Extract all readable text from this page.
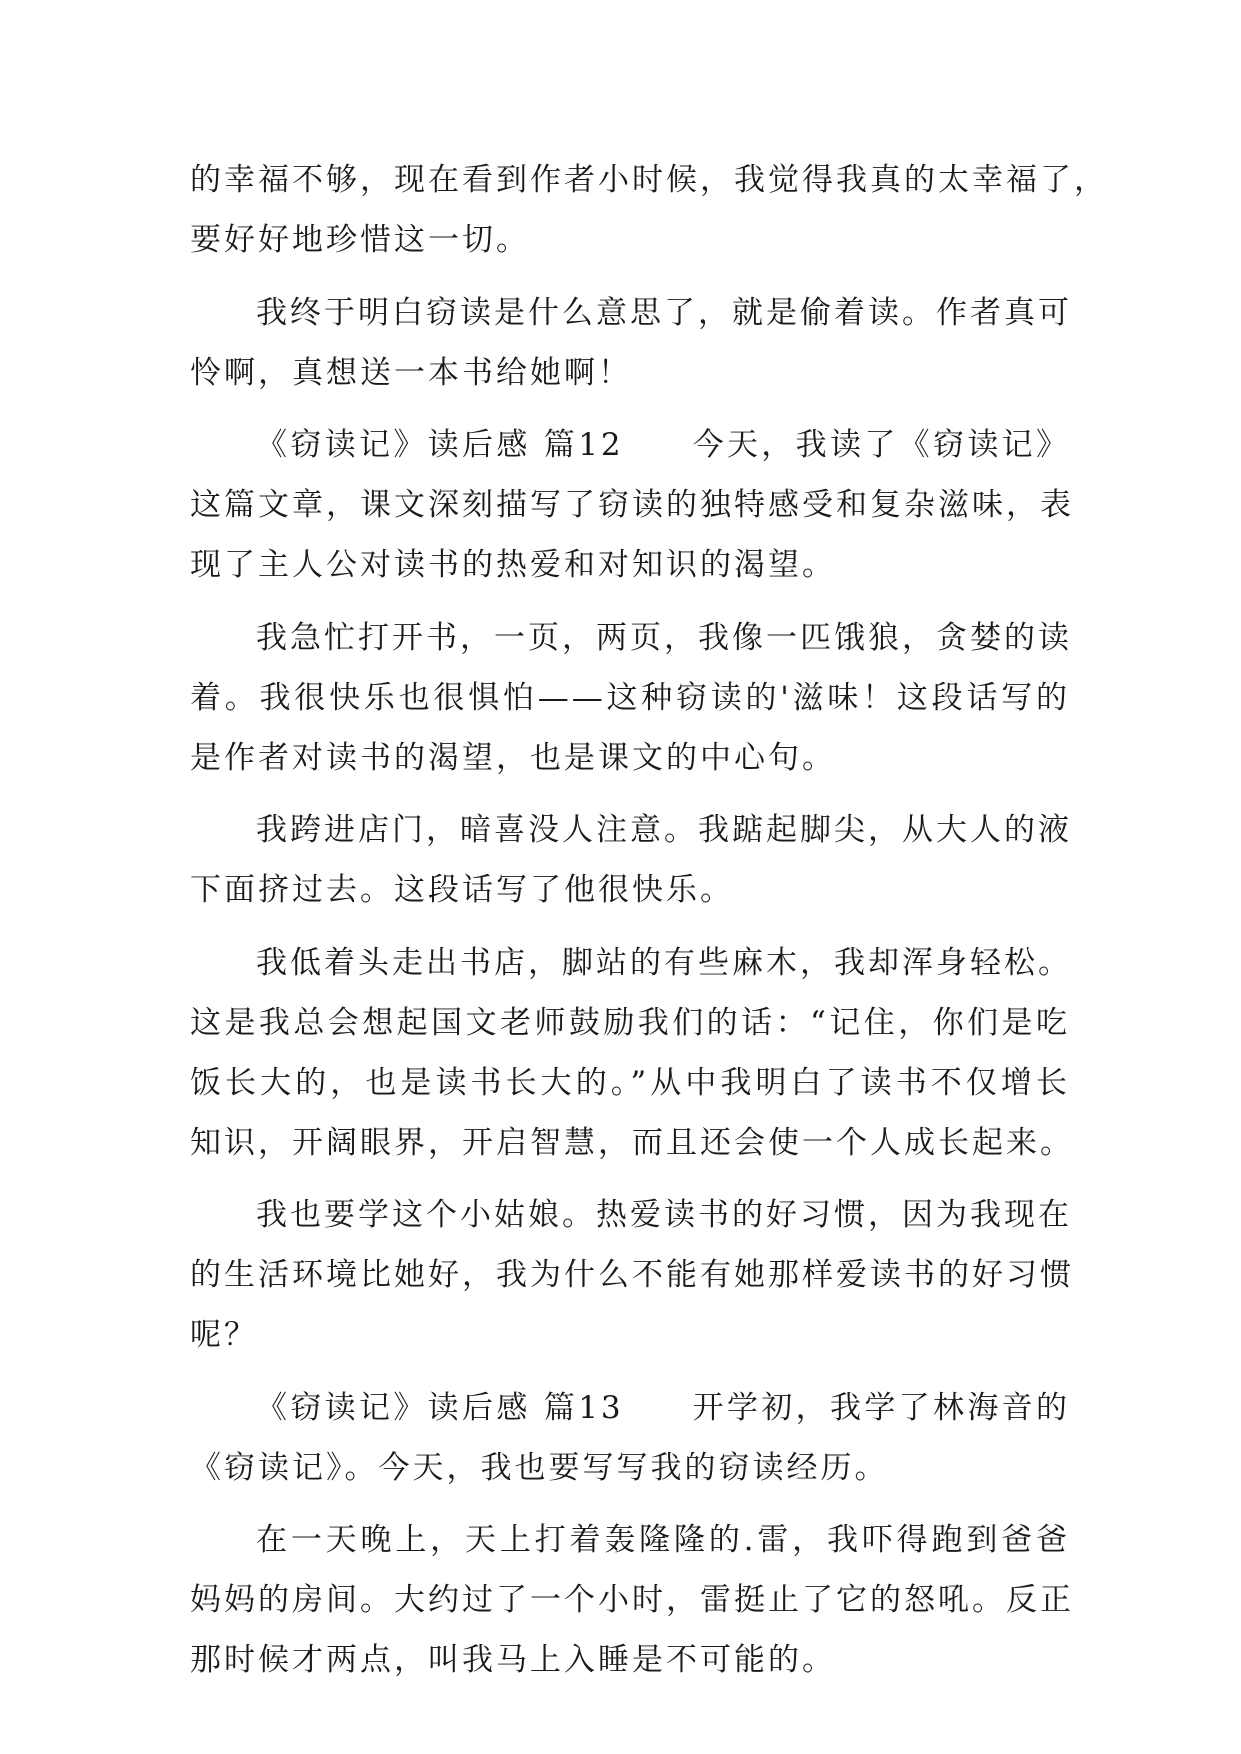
的幸福不够，现在看到作者小时候，我觉得我真的太幸福了，
要好好地珍惜这一切。
我终于明白窃读是什么意思了，就是偷着读。作者真可
怜啊，真想送一本书给她啊！
《窃读记》读后感 篇12　　今天，我读了《窃读记》
这篇文章，课文深刻描写了窃读的独特感受和复杂滋味，表
现了主人公对读书的热爱和对知识的渴望。
我急忙打开书，一页，两页，我像一匹饿狼，贪婪的读
着。我很快乐也很惧怕——这种窃读的'滋味！这段话写的
是作者对读书的渴望，也是课文的中心句。
我跨进店门，暗喜没人注意。我踮起脚尖，从大人的液
下面挤过去。这段话写了他很快乐。
我低着头走出书店，脚站的有些麻木，我却浑身轻松。
这是我总会想起国文老师鼓励我们的话：“记住，你们是吃
饭长大的，也是读书长大的。”从中我明白了读书不仅增长
知识，开阔眼界，开启智慧，而且还会使一个人成长起来。
我也要学这个小姑娘。热爱读书的好习惯，因为我现在
的生活环境比她好，我为什么不能有她那样爱读书的好习惯
呢？
《窃读记》读后感 篇13　　开学初，我学了林海音的
《窃读记》。今天，我也要写写我的窃读经历。
在一天晚上，天上打着轰隆隆的.雷，我吓得跑到爸爸
妈妈的房间。大约过了一个小时，雷挺止了它的怒吼。反正
那时候才两点，叫我马上入睡是不可能的。
